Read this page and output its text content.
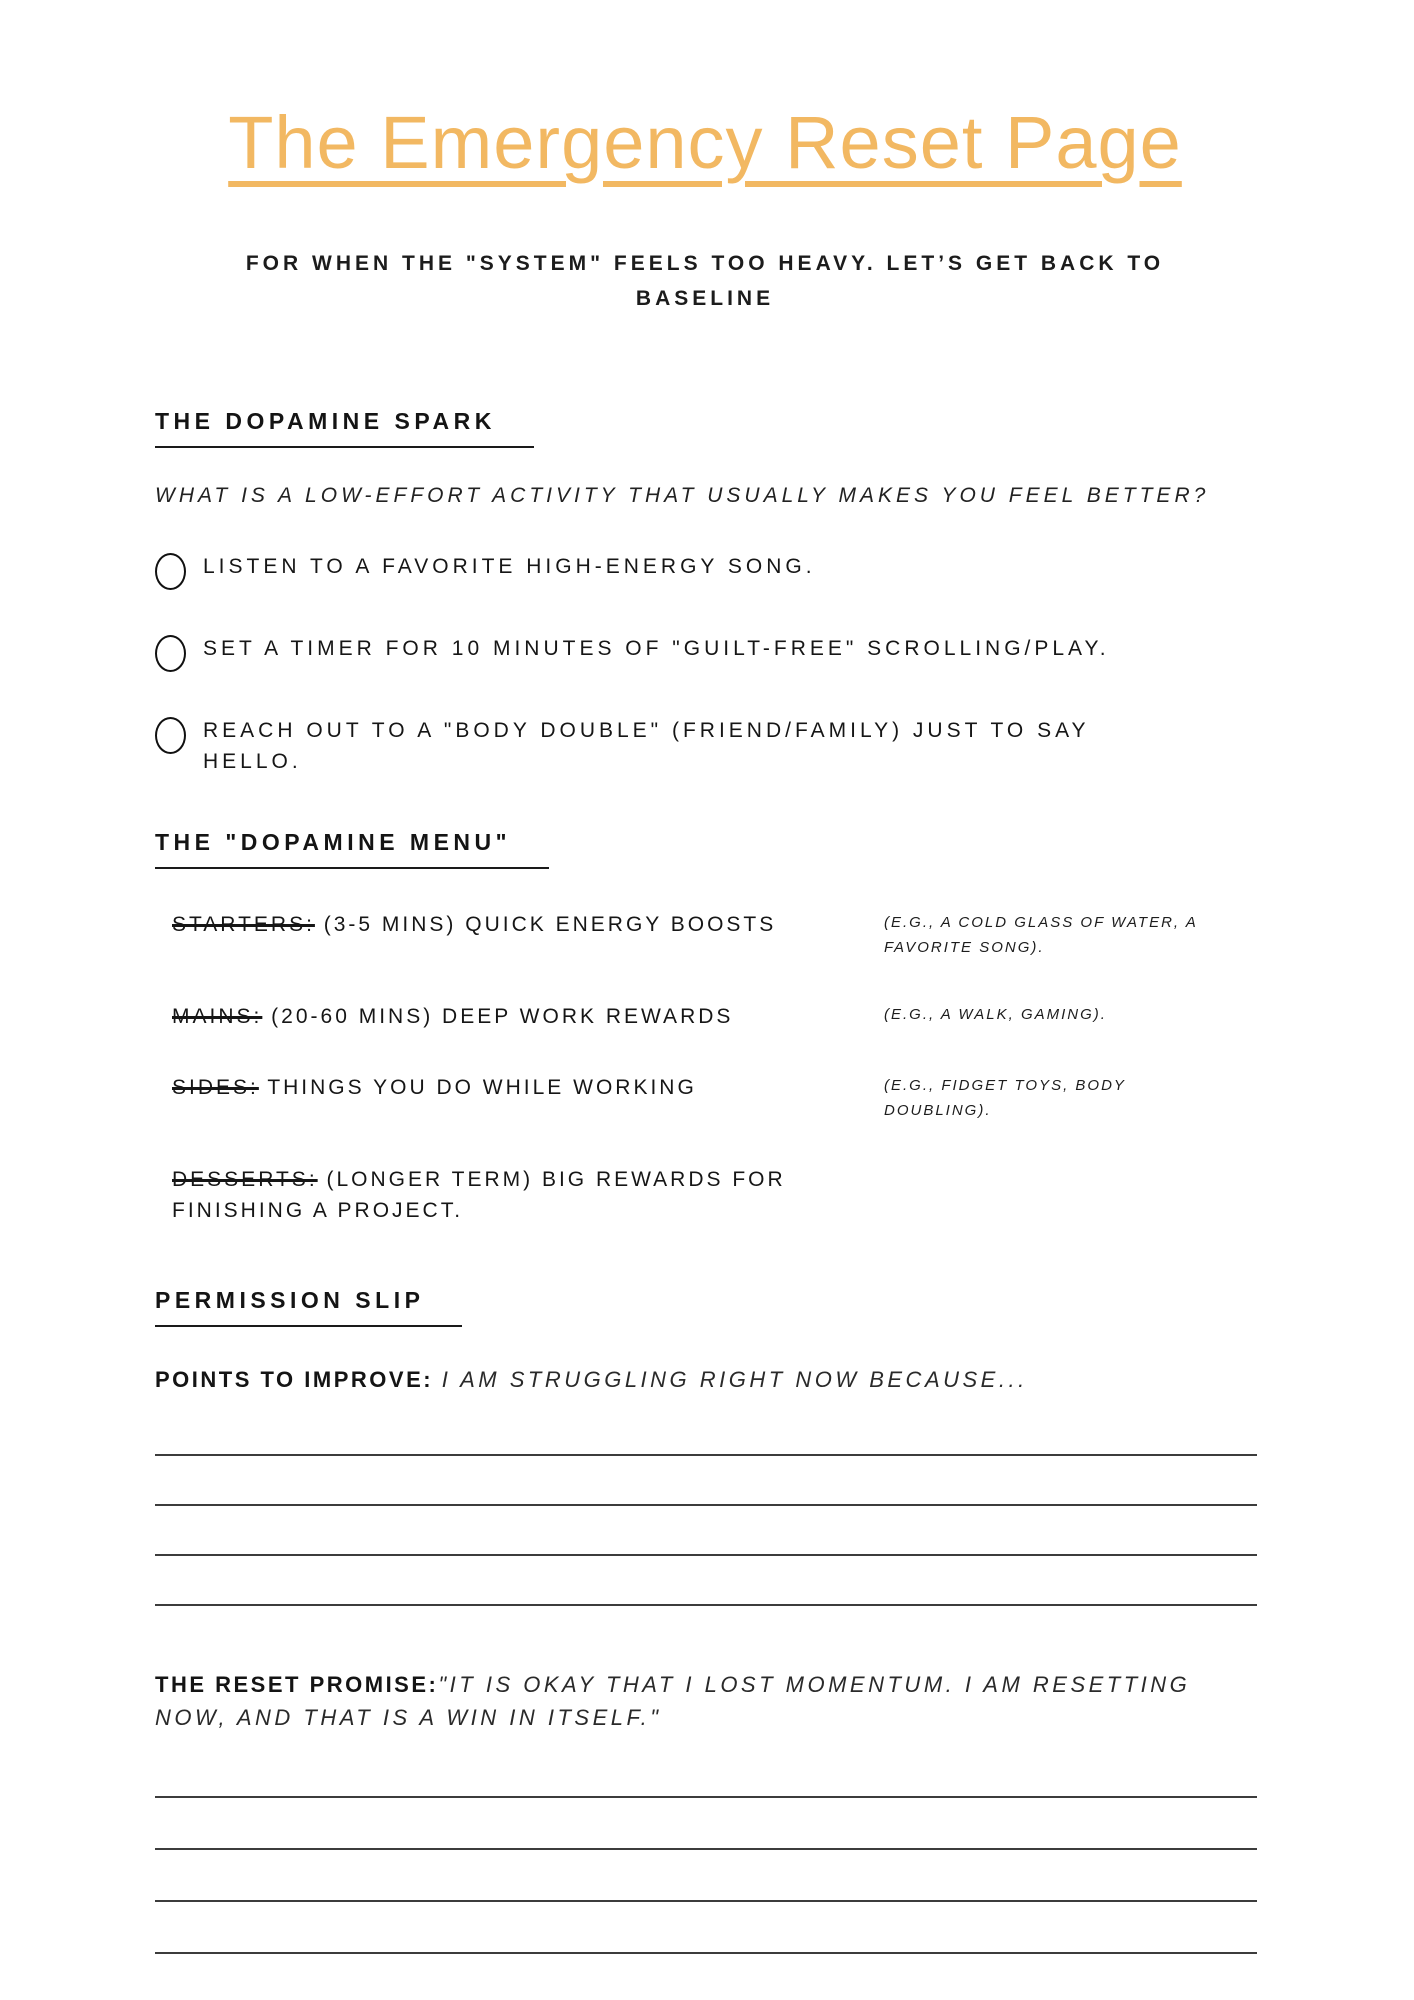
The Emergency Reset Page
FOR WHEN THE "SYSTEM" FEELS TOO HEAVY. LET’S GET BACK TO BASELINE
THE DOPAMINE SPARK
WHAT IS A LOW-EFFORT ACTIVITY THAT USUALLY MAKES YOU FEEL BETTER?
LISTEN TO A FAVORITE HIGH-ENERGY SONG.
SET A TIMER FOR 10 MINUTES OF "GUILT-FREE" SCROLLING/PLAY.
REACH OUT TO A "BODY DOUBLE" (FRIEND/FAMILY) JUST TO SAY HELLO.
THE "DOPAMINE MENU"
STARTERS: (3-5 MINS) QUICK ENERGY BOOSTS	(E.G., A COLD GLASS OF WATER, A FAVORITE SONG).
MAINS: (20-60 MINS) DEEP WORK REWARDS	(E.G., A WALK, GAMING).
SIDES: THINGS YOU DO WHILE WORKING	(E.G., FIDGET TOYS, BODY DOUBLING).
DESSERTS: (LONGER TERM) BIG REWARDS FOR FINISHING A PROJECT.
PERMISSION SLIP
POINTS TO IMPROVE: I AM STRUGGLING RIGHT NOW BECAUSE...
THE RESET PROMISE:"IT IS OKAY THAT I LOST MOMENTUM. I AM RESETTING NOW, AND THAT IS A WIN IN ITSELF."
